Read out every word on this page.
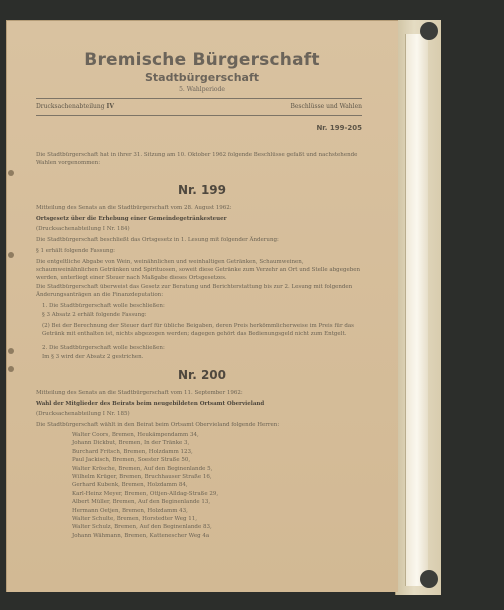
Bremische Bürgerschaft
Stadtbürgerschaft
5. Wahlperiode
Drucksachenabteilung IV	Beschlüsse und Wahlen
Nr. 199-205
Die Stadtbürgerschaft hat in ihrer 31. Sitzung am 10. Oktober 1962 folgende Beschlüsse gefaßt und nachstehende Wahlen vorgenommen:
Nr. 199
Mitteilung des Senats an die Stadtbürgerschaft vom 28. August 1962:
Ortsgesetz über die Erhebung einer Gemeindegetränkesteuer
(Drucksachenabteilung I Nr. 184)
Die Stadtbürgerschaft beschließt das Ortsgesetz in 1. Lesung mit folgender Änderung:
§ 1 erhält folgende Fassung:
Die entgeltliche Abgabe von Wein, weinähnlichen und weinhaltigen Getränken, Schaumweinen, schaumweinähnlichen Getränken und Spirituosen, soweit diese Getränke zum Verzehr an Ort und Stelle abgegeben werden, unterliegt einer Steuer nach Maßgabe dieses Ortsgesetzes.
Die Stadtbürgerschaft überweist das Gesetz zur Beratung und Berichterstattung bis zur 2. Lesung mit folgenden Änderungsanträgen an die Finanzdeputation:
1. Die Stadtbürgerschaft wolle beschließen:
§ 3 Absatz 2 erhält folgende Fassung:
(2) Bei der Berechnung der Steuer darf für übliche Beigaben, deren Preis herkömmlicherweise im Preis für das Getränk mit enthalten ist, nichts abgezogen werden; dagegen gehört das Bedienungsgeld nicht zum Entgelt.
2. Die Stadtbürgerschaft wolle beschließen:
Im § 3 wird der Absatz 2 gestrichen.
Nr. 200
Mitteilung des Senats an die Stadtbürgerschaft vom 11. September 1962:
Wahl der Mitglieder des Beirats beim neugebildeten Ortsamt Obervieland
(Drucksachenabteilung I Nr. 185)
Die Stadtbürgerschaft wählt in den Beirat beim Ortsamt Obervieland folgende Herren:
Walter Coors, Bremen, Heukämpendamm 34,
Johann Dickbut, Bremen, In der Tränke 3,
Burchard Fritsch, Bremen, Holzdamm 123,
Paul Jackisch, Bremen, Soester Straße 50,
Walter Krösche, Bremen, Auf den Beginenlande 5,
Wilhelm Krüger, Bremen, Bruchhauser Straße 16,
Gerhard Kubenk, Bremen, Holzdamm 84,
Karl-Heinz Meyer, Bremen, Ottjen-Alldag-Straße 29,
Albert Müller, Bremen, Auf den Beginenlande 13,
Hermann Oetjen, Bremen, Holzdamm 43,
Walter Schulte, Bremen, Horstedter Weg 11,
Walter Schulz, Bremen, Auf den Beginenlande 83,
Johann Wähmann, Bremen, Kattenescher Weg 4a
